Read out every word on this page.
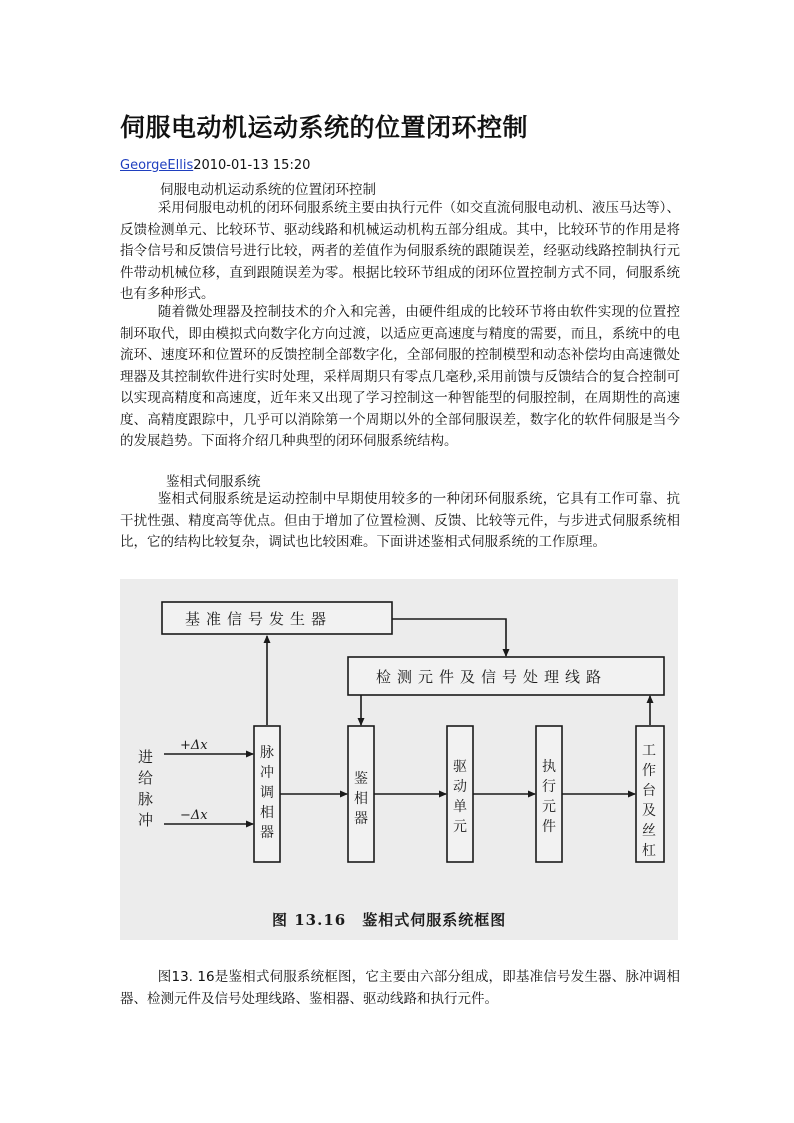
伺服电动机运动系统的位置闭环控制
GeorgeEllis2010-01-13 15:20
伺服电动机运动系统的位置闭环控制

采用伺服电动机的闭环伺服系统主要由执行元件（如交直流伺服电动机、液压马达等）、反馈检测单元、比较环节、驱动线路和机械运动机构五部分组成。其中，比较环节的作用是将指令信号和反馈信号进行比较，两者的差值作为伺服系统的跟随误差，经驱动线路控制执行元件带动机械位移，直到跟随误差为零。根据比较环节组成的闭环位置控制方式不同，伺服系统也有多种形式。

随着微处理器及控制技术的介入和完善，由硬件组成的比较环节将由软件实现的位置控制环取代，即由模拟式向数字化方向过渡，以适应更高速度与精度的需要，而且，系统中的电流环、速度环和位置环的反馈控制全部数字化，全部伺服的控制模型和动态补偿均由高速微处理器及其控制软件进行实时处理，采样周期只有零点几毫秒,采用前馈与反馈结合的复合控制可以实现高精度和高速度，近年来又出现了学习控制这一种智能型的伺服控制，在周期性的高速度、高精度跟踪中，几乎可以消除第一个周期以外的全部伺服误差，数字化的软件伺服是当今的发展趋势。下面将介绍几种典型的闭环伺服系统结构。

鉴相式伺服系统

鉴相式伺服系统是运动控制中早期使用较多的一种闭环伺服系统，它具有工作可靠、抗干扰性强、精度高等优点。但由于增加了位置检测、反馈、比较等元件，与步进式伺服系统相比，它的结构比较复杂，调试也比较困难。下面讲述鉴相式伺服系统的工作原理。

基准信号发生器
检测元件及信号处理线路
进
给
脉
冲
+Δx
−Δx
脉
冲
调
相
器
鉴
相
器
驱
动
单
元
执
行
元
件
工
作
台
及
丝
杠
图 13.16　鉴相式伺服系统框图

图13. 16是鉴相式伺服系统框图，它主要由六部分组成，即基准信号发生器、脉冲调相器、检测元件及信号处理线路、鉴相器、驱动线路和执行元件。
